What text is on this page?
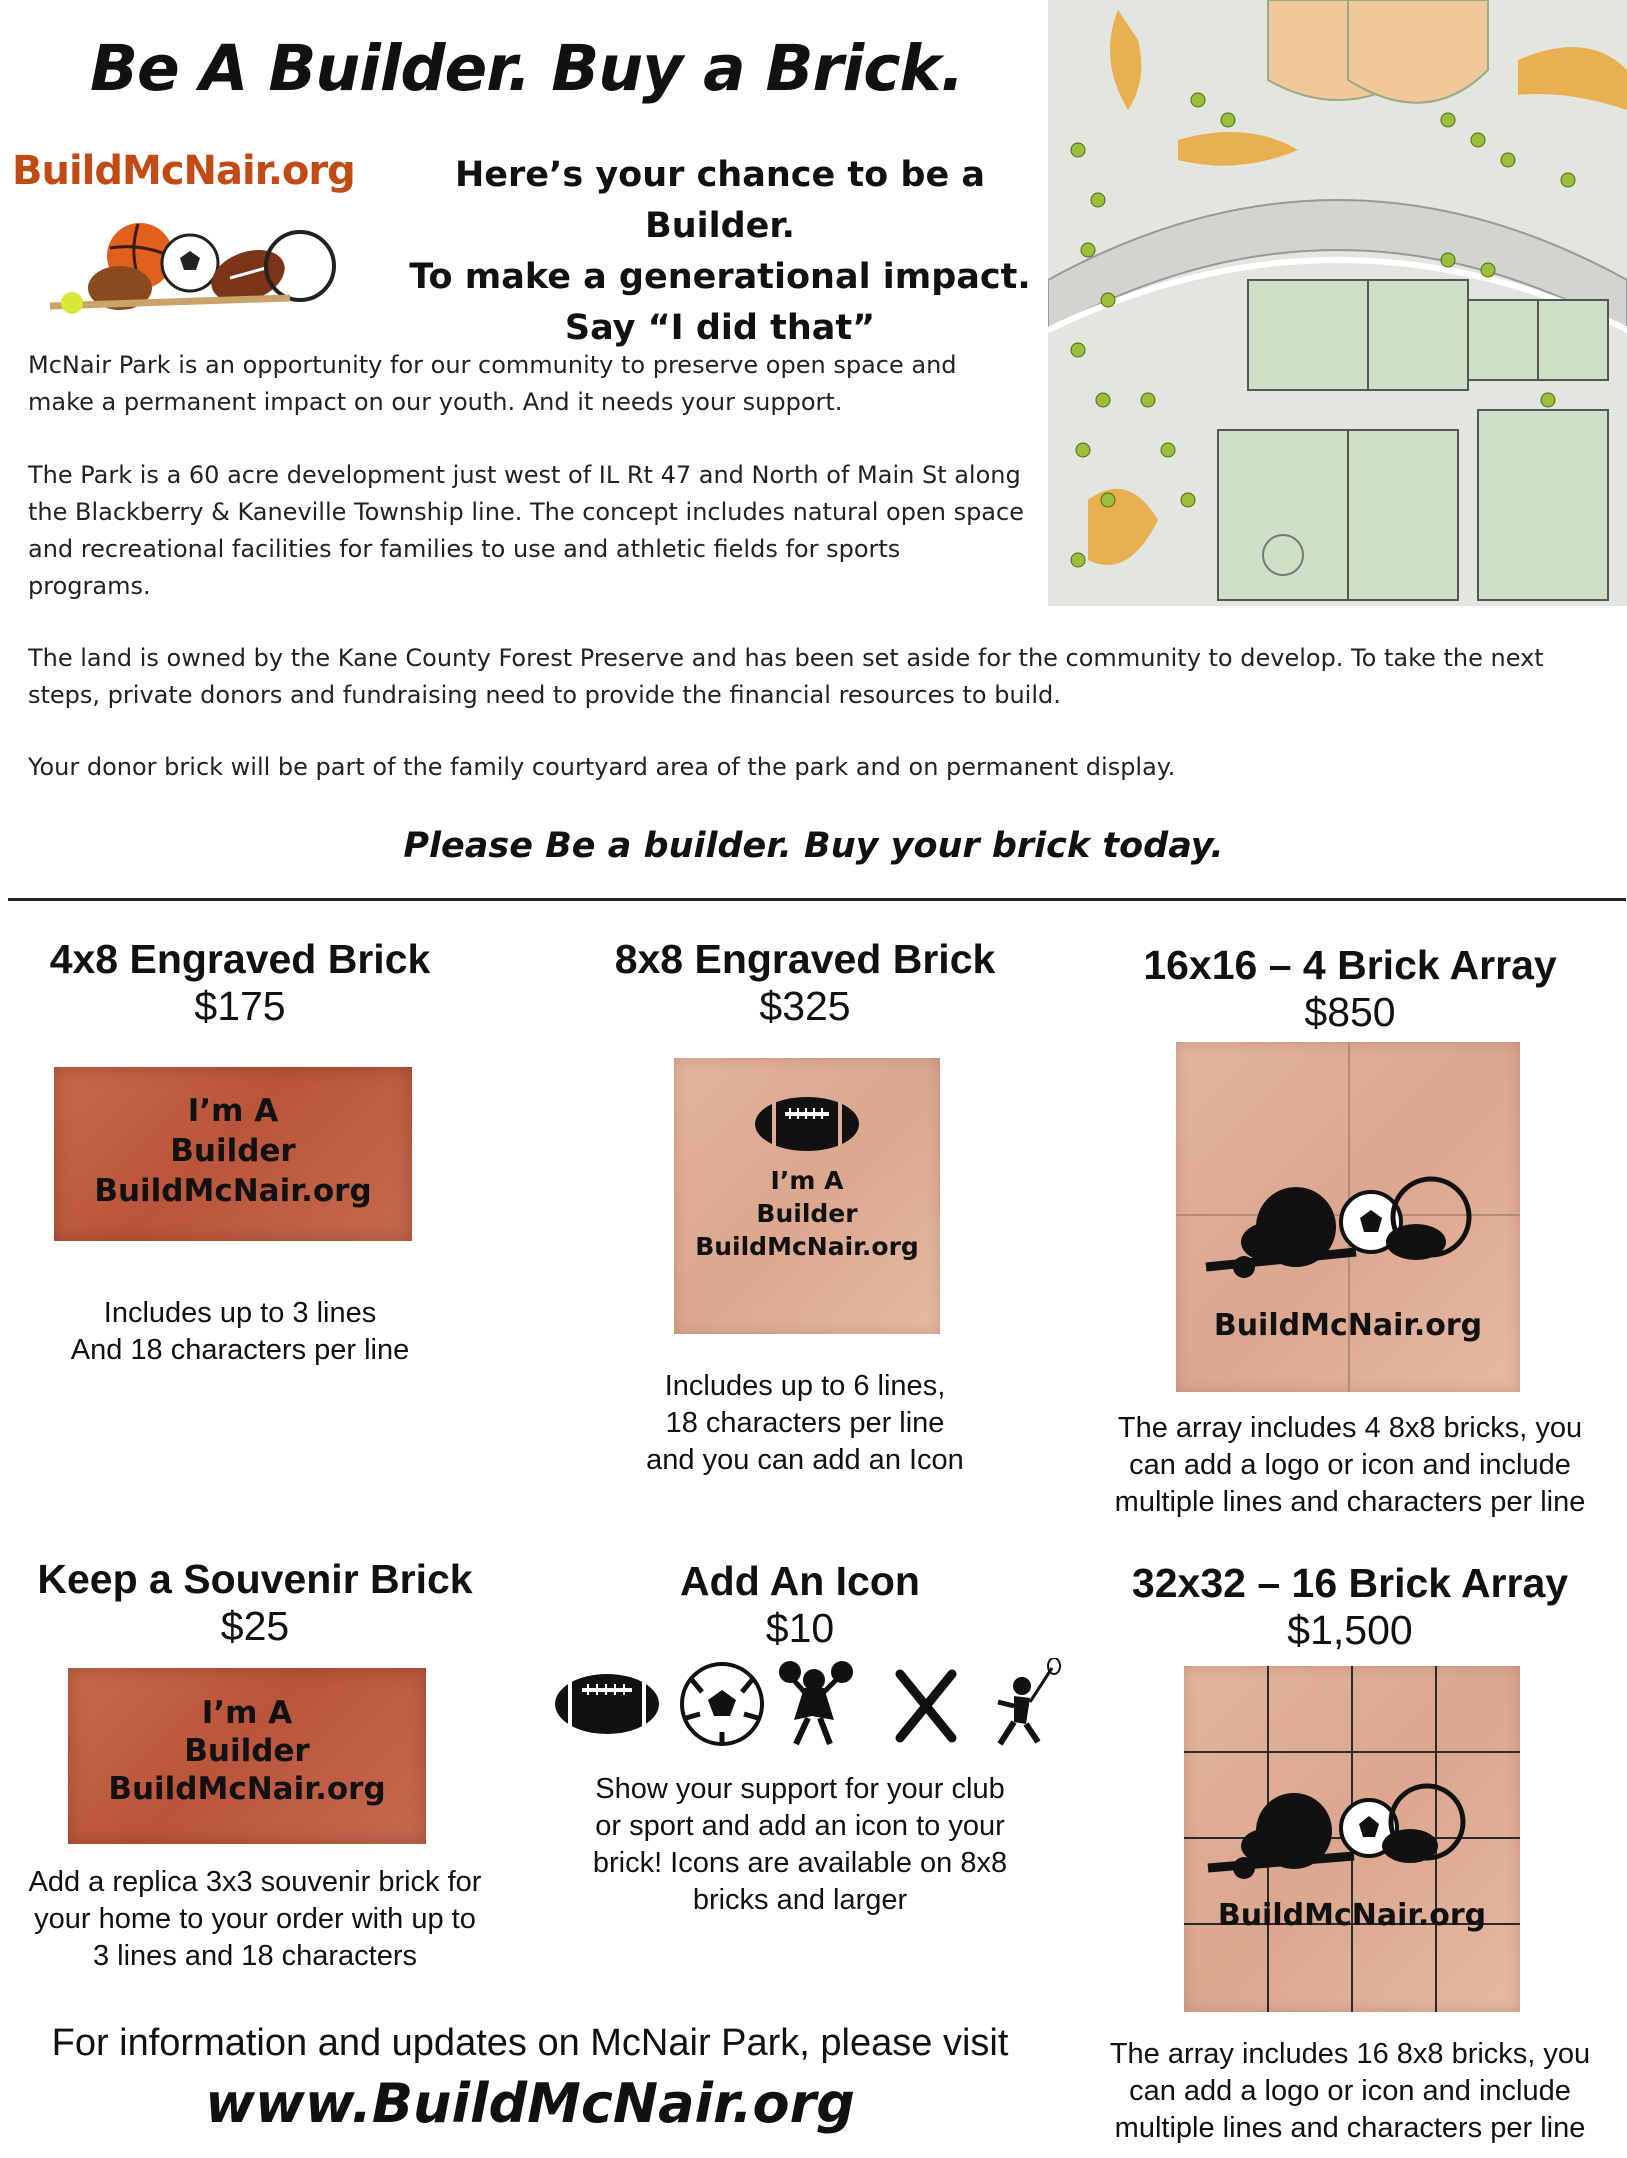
Be A Builder. Buy a Brick.
BuildMcNair.org	Here’s your chance to be a Builder.
To make a generational impact.
Say “I did that”
McNair Park is an opportunity for our community to preserve open space and make a permanent impact on our youth. And it needs your support.
The Park is a 60 acre development just west of IL Rt 47 and North of Main St along the Blackberry & Kaneville Township line. The concept includes natural open space and recreational facilities for families to use and athletic fields for sports programs.
The land is owned by the Kane County Forest Preserve and has been set aside for the community to develop. To take the next steps, private donors and fundraising need to provide the financial resources to build.
Your donor brick will be part of the family courtyard area of the park and on permanent display.
Please Be a builder. Buy your brick today.
4x8 Engraved Brick
$175
I’m A
Builder
BuildMcNair.org
Includes up to 3 lines
And 18 characters per line
8x8 Engraved Brick
$325
I’m A
Builder
BuildMcNair.org
Includes up to 6 lines,
18 characters per line
and you can add an Icon
16x16 – 4 Brick Array
$850
BuildMcNair.org
The array includes 4 8x8 bricks, you
can add a logo or icon and include
multiple lines and characters per line
Keep a Souvenir Brick
$25
I’m A
Builder
BuildMcNair.org
Add a replica 3x3 souvenir brick for
your home to your order with up to
3 lines and 18 characters
Add An Icon
$10
Show your support for your club
or sport and add an icon to your
brick! Icons are available on 8x8
bricks and larger
32x32 – 16 Brick Array
$1,500
BuildMcNair.org
The array includes 16 8x8 bricks, you
can add a logo or icon and include
multiple lines and characters per line
For information and updates on McNair Park, please visit
www.BuildMcNair.org
